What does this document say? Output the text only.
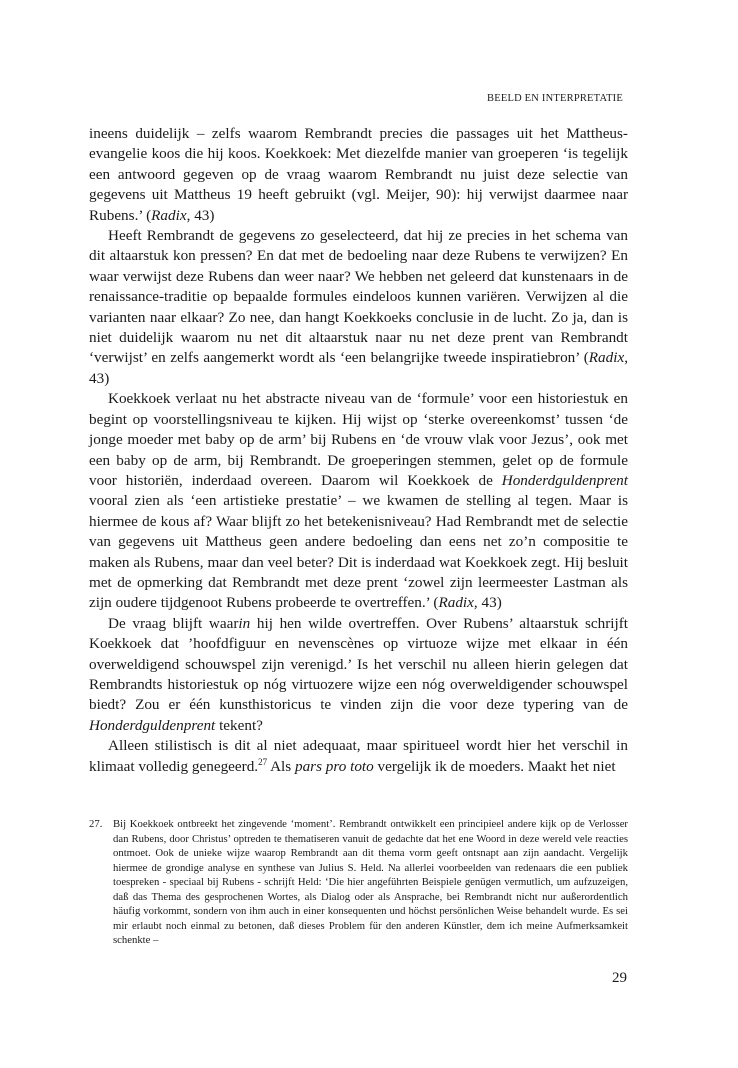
BEELD EN INTERPRETATIE

ineens duidelijk – zelfs waarom Rembrandt precies die passages uit het Mattheus-evangelie koos die hij koos. Koekkoek: Met diezelfde manier van groeperen ‘is tegelijk een antwoord gegeven op de vraag waarom Rembrandt nu juist deze selectie van gegevens uit Mattheus 19 heeft gebruikt (vgl. Meijer, 90): hij verwijst daarmee naar Rubens.’ (Radix, 43)

Heeft Rembrandt de gegevens zo geselecteerd, dat hij ze precies in het schema van dit altaarstuk kon pressen? En dat met de bedoeling naar deze Rubens te verwijzen? En waar verwijst deze Rubens dan weer naar? We hebben net geleerd dat kunstenaars in de renaissance-traditie op bepaalde formules eindeloos kunnen variëren. Verwijzen al die varianten naar elkaar? Zo nee, dan hangt Koekkoeks conclusie in de lucht. Zo ja, dan is niet duidelijk waarom nu net dit altaarstuk naar nu net deze prent van Rembrandt ‘verwijst’ en zelfs aangemerkt wordt als ‘een belangrijke tweede inspiratiebron’ (Radix, 43)

Koekkoek verlaat nu het abstracte niveau van de ‘formule’ voor een historiestuk en begint op voorstellingsniveau te kijken. Hij wijst op ‘sterke overeenkomst’ tussen ‘de jonge moeder met baby op de arm’ bij Rubens en ‘de vrouw vlak voor Jezus’, ook met een baby op de arm, bij Rembrandt. De groeperingen stemmen, gelet op de formule voor historiën, inderdaad overeen. Daarom wil Koekkoek de Honderdguldenprent vooral zien als ‘een artistieke prestatie’ – we kwamen de stelling al tegen. Maar is hiermee de kous af? Waar blijft zo het betekenisniveau? Had Rembrandt met de selectie van gegevens uit Mattheus geen andere bedoeling dan eens net zo’n compositie te maken als Rubens, maar dan veel beter? Dit is inderdaad wat Koekkoek zegt. Hij besluit met de opmerking dat Rembrandt met deze prent ‘zowel zijn leermeester Lastman als zijn oudere tijdgenoot Rubens probeerde te overtreffen.’ (Radix, 43)

De vraag blijft waarin hij hen wilde overtreffen. Over Rubens’ altaarstuk schrijft Koekkoek dat ’hoofdfiguur en nevenscènes op virtuoze wijze met elkaar in één overweldigend schouwspel zijn verenigd.’ Is het verschil nu alleen hierin gelegen dat Rembrandts historiestuk op nóg virtuozere wijze een nóg overweldigender schouwspel biedt? Zou er één kunsthistoricus te vinden zijn die voor deze typering van de Honderdguldenprent tekent?

Alleen stilistisch is dit al niet adequaat, maar spiritueel wordt hier het verschil in klimaat volledig genegeerd.$^{27}$ Als pars pro toto vergelijk ik de moeders. Maakt het niet

27. Bij Koekkoek ontbreekt het zingevende ‘moment’. Rembrandt ontwikkelt een principieel andere kijk op de Verlosser dan Rubens, door Christus’ optreden te thematiseren vanuit de gedachte dat het ene Woord in deze wereld vele reacties ontmoet. Ook de unieke wijze waarop Rembrandt aan dit thema vorm geeft ontsnapt aan zijn aandacht. Vergelijk hiermee de grondige analyse en synthese van Julius S. Held. Na allerlei voorbeelden van redenaars die een publiek toespreken - speciaal bij Rubens - schrijft Held: ‘Die hier angeführten Beispiele genügen vermutlich, um aufzuzeigen, daß das Thema des gesprochenen Wortes, als Dialog oder als Ansprache, bei Rembrandt nicht nur außerordentlich häufig vorkommt, sondern von ihm auch in einer konsequenten und höchst persönlichen Weise behandelt wurde. Es sei mir erlaubt noch einmal zu betonen, daß dieses Problem für den anderen Künstler, dem ich meine Aufmerksamkeit schenkte –
29
